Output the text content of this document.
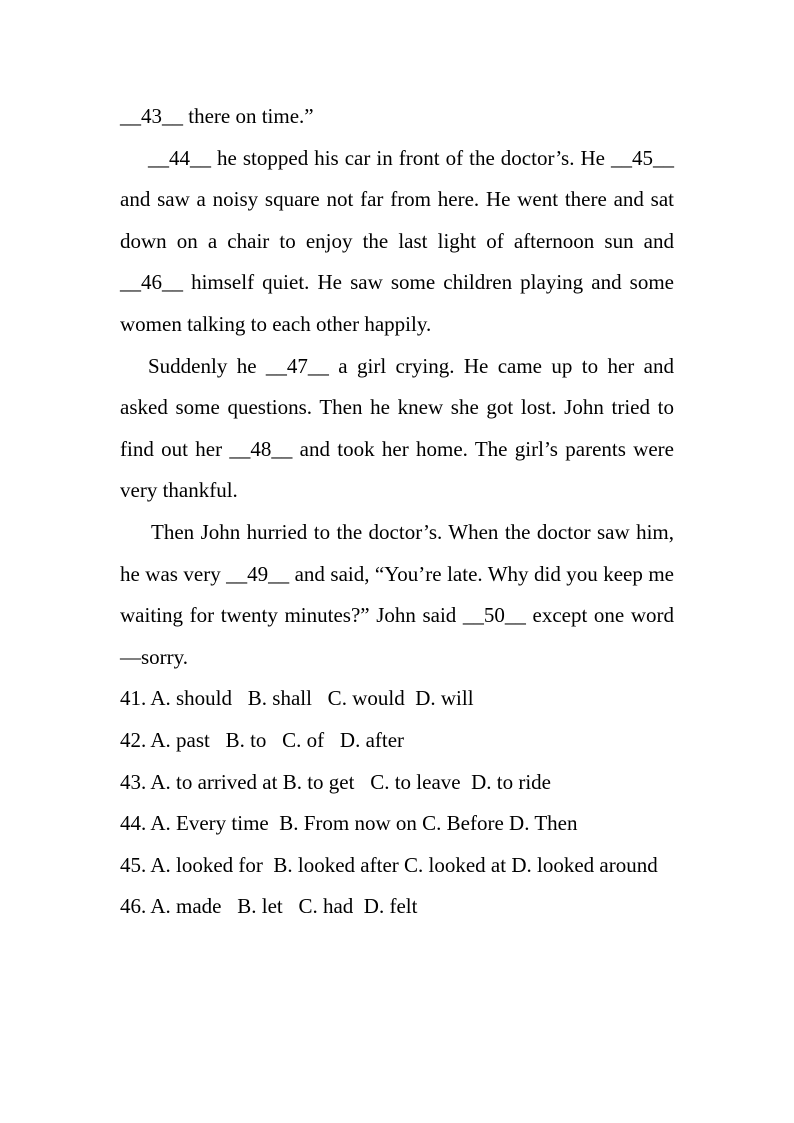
__43__ there on time.”

__44__ he stopped his car in front of the doctor’s. He __45__ and saw a noisy square not far from here. He went there and sat down on a chair to enjoy the last light of afternoon sun and __46__ himself quiet. He saw some children playing and some women talking to each other happily.

Suddenly he __47__ a girl crying. He came up to her and asked some questions. Then he knew she got lost. John tried to find out her __48__ and took her home. The girl’s parents were very thankful.

Then John hurried to the doctor’s. When the doctor saw him, he was very __49__ and said, “You’re late. Why did you keep me waiting for twenty minutes?” John said __50__ except one word—sorry.

41. A. should   B. shall   C. would  D. will

42. A. past   B. to   C. of   D. after

43. A. to arrived at B. to get   C. to leave  D. to ride

44. A. Every time  B. From now on C. Before D. Then

45. A. looked for  B. looked after C. looked at D. looked around

46. A. made   B. let   C. had  D. felt
